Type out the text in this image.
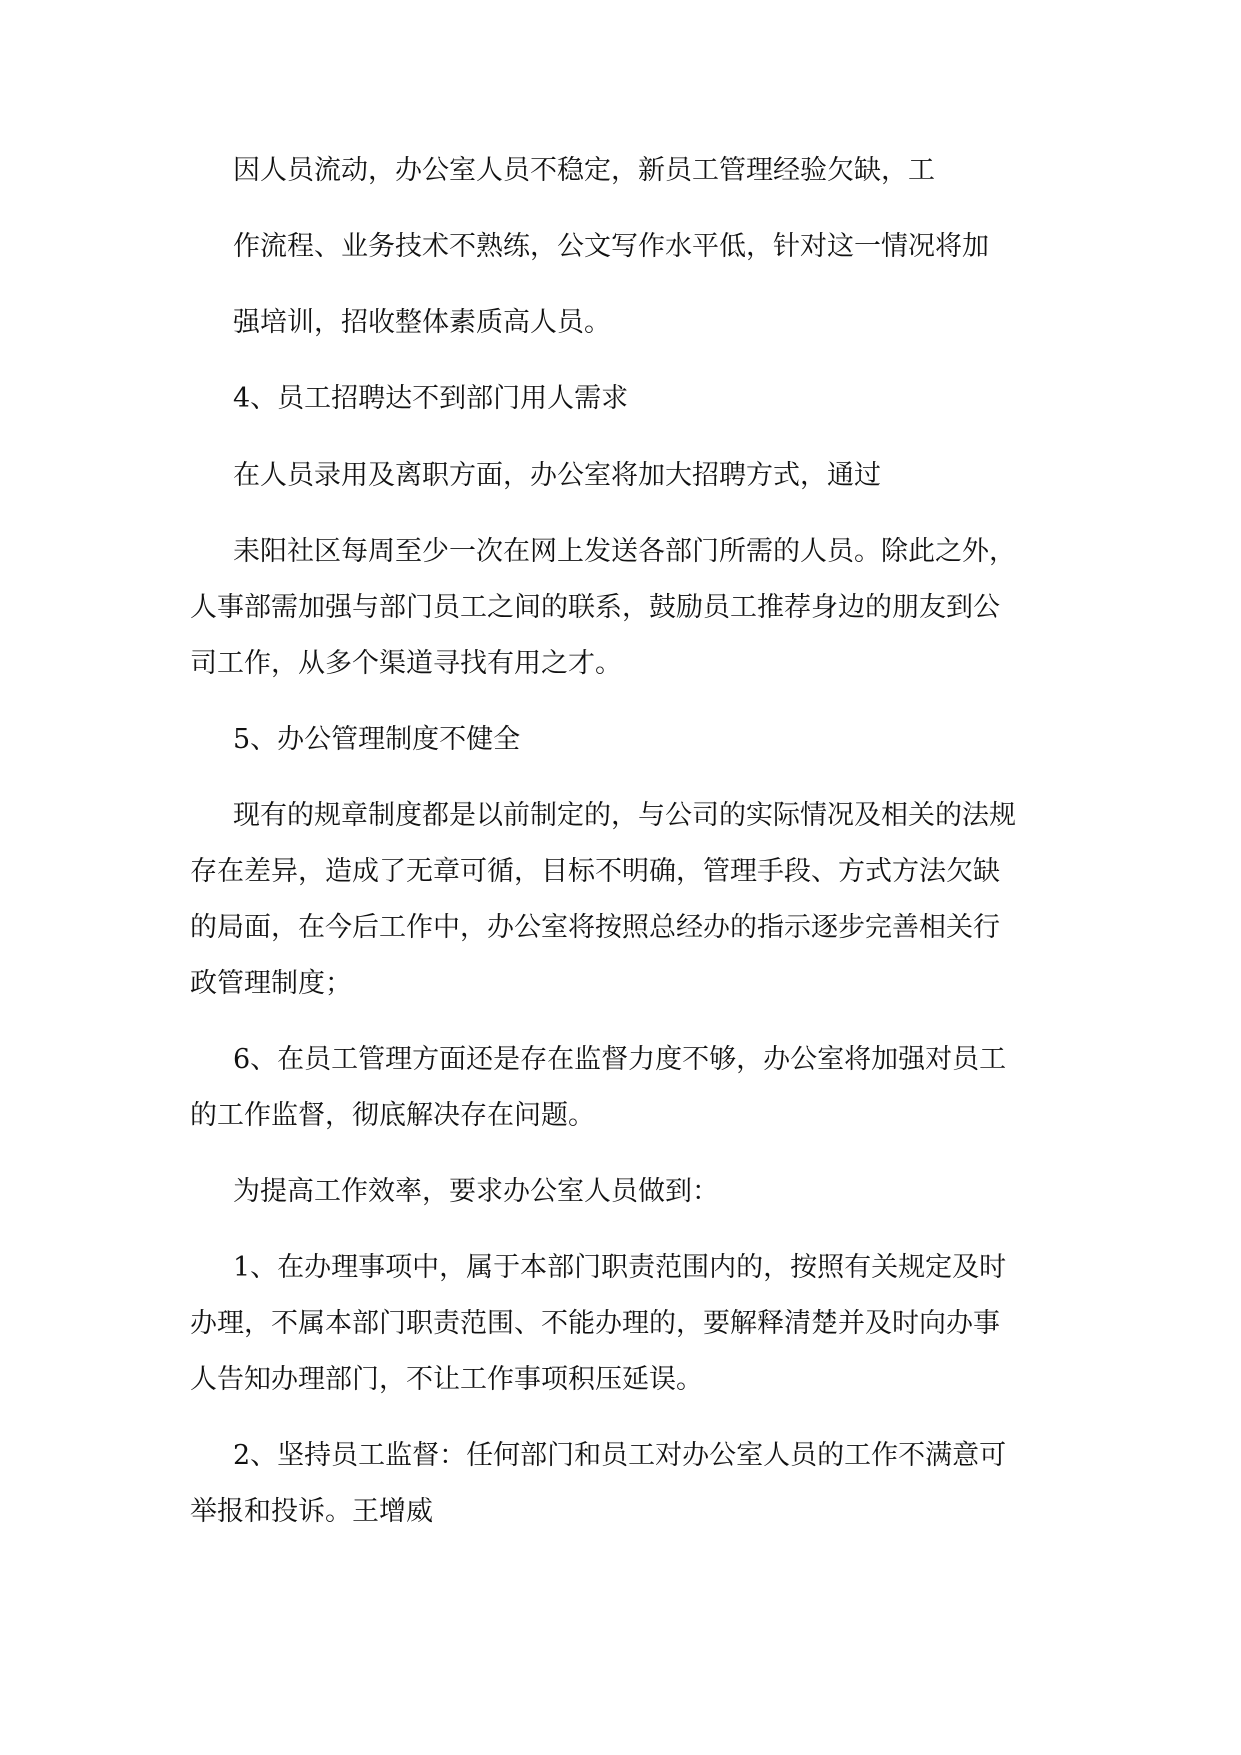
因人员流动，办公室人员不稳定，新员工管理经验欠缺，工

作流程、业务技术不熟练，公文写作水平低，针对这一情况将加

强培训，招收整体素质高人员。

4、员工招聘达不到部门用人需求

在人员录用及离职方面，办公室将加大招聘方式，通过

耒阳社区每周至少一次在网上发送各部门所需的人员。除此之外，

人事部需加强与部门员工之间的联系，鼓励员工推荐身边的朋友到公

司工作，从多个渠道寻找有用之才。

5、办公管理制度不健全

现有的规章制度都是以前制定的，与公司的实际情况及相关的法规

存在差异，造成了无章可循，目标不明确，管理手段、方式方法欠缺

的局面，在今后工作中，办公室将按照总经办的指示逐步完善相关行

政管理制度；

6、在员工管理方面还是存在监督力度不够，办公室将加强对员工

的工作监督，彻底解决存在问题。

为提高工作效率，要求办公室人员做到：

1、在办理事项中，属于本部门职责范围内的，按照有关规定及时

办理，不属本部门职责范围、不能办理的，要解释清楚并及时向办事

人告知办理部门，不让工作事项积压延误。

2、坚持员工监督：任何部门和员工对办公室人员的工作不满意可

举报和投诉。王增威
